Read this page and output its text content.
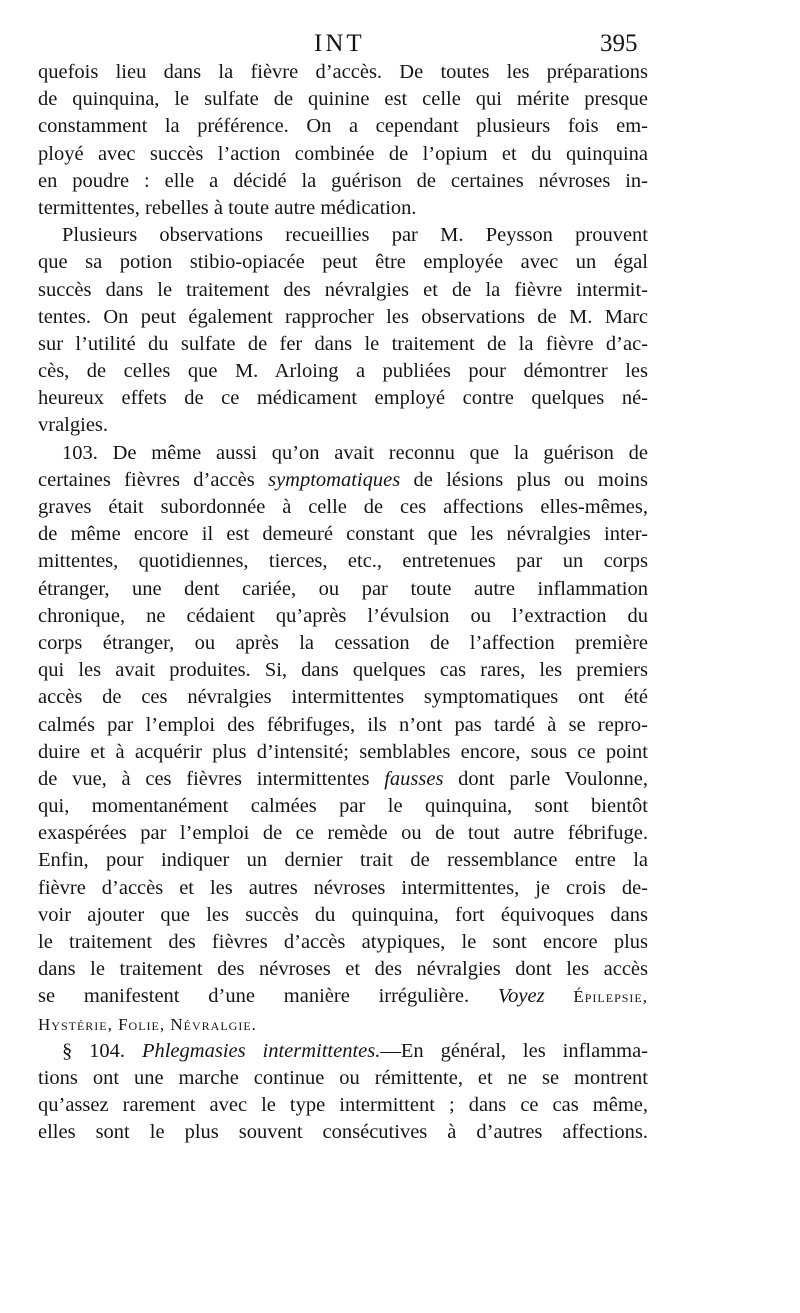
INT	395
quefois lieu dans la fièvre d’accès. De toutes les préparations
de quinquina, le sulfate de quinine est celle qui mérite presque
constamment la préférence. On a cependant plusieurs fois em-
ployé avec succès l’action combinée de l’opium et du quinquina
en poudre : elle a décidé la guérison de certaines névroses in-
termittentes, rebelles à toute autre médication.
Plusieurs observations recueillies par M. Peysson prouvent
que sa potion stibio-opiacée peut être employée avec un égal
succès dans le traitement des névralgies et de la fièvre intermit-
tentes. On peut également rapprocher les observations de M. Marc
sur l’utilité du sulfate de fer dans le traitement de la fièvre d’ac-
cès, de celles que M. Arloing a publiées pour démontrer les
heureux effets de ce médicament employé contre quelques né-
vralgies.
103. De même aussi qu’on avait reconnu que la guérison de
certaines fièvres d’accès symptomatiques de lésions plus ou moins
graves était subordonnée à celle de ces affections elles-mêmes,
de même encore il est demeuré constant que les névralgies inter-
mittentes, quotidiennes, tierces, etc., entretenues par un corps
étranger, une dent cariée, ou par toute autre inflammation
chronique, ne cédaient qu’après l’évulsion ou l’extraction du
corps étranger, ou après la cessation de l’affection première
qui les avait produites. Si, dans quelques cas rares, les premiers
accès de ces névralgies intermittentes symptomatiques ont été
calmés par l’emploi des fébrifuges, ils n’ont pas tardé à se repro-
duire et à acquérir plus d’intensité; semblables encore, sous ce point
de vue, à ces fièvres intermittentes fausses dont parle Voulonne,
qui, momentanément calmées par le quinquina, sont bientôt
exaspérées par l’emploi de ce remède ou de tout autre fébrifuge.
Enfin, pour indiquer un dernier trait de ressemblance entre la
fièvre d’accès et les autres névroses intermittentes, je crois de-
voir ajouter que les succès du quinquina, fort équivoques dans
le traitement des fièvres d’accès atypiques, le sont encore plus
dans le traitement des névroses et des névralgies dont les accès
se manifestent d’une manière irrégulière. Voyez Épilepsie,
Hystérie, Folie, Névralgie.
§ 104. Phlegmasies intermittentes.—En général, les inflamma-
tions ont une marche continue ou rémittente, et ne se montrent
qu’assez rarement avec le type intermittent ; dans ce cas même,
elles sont le plus souvent consécutives à d’autres affections.
